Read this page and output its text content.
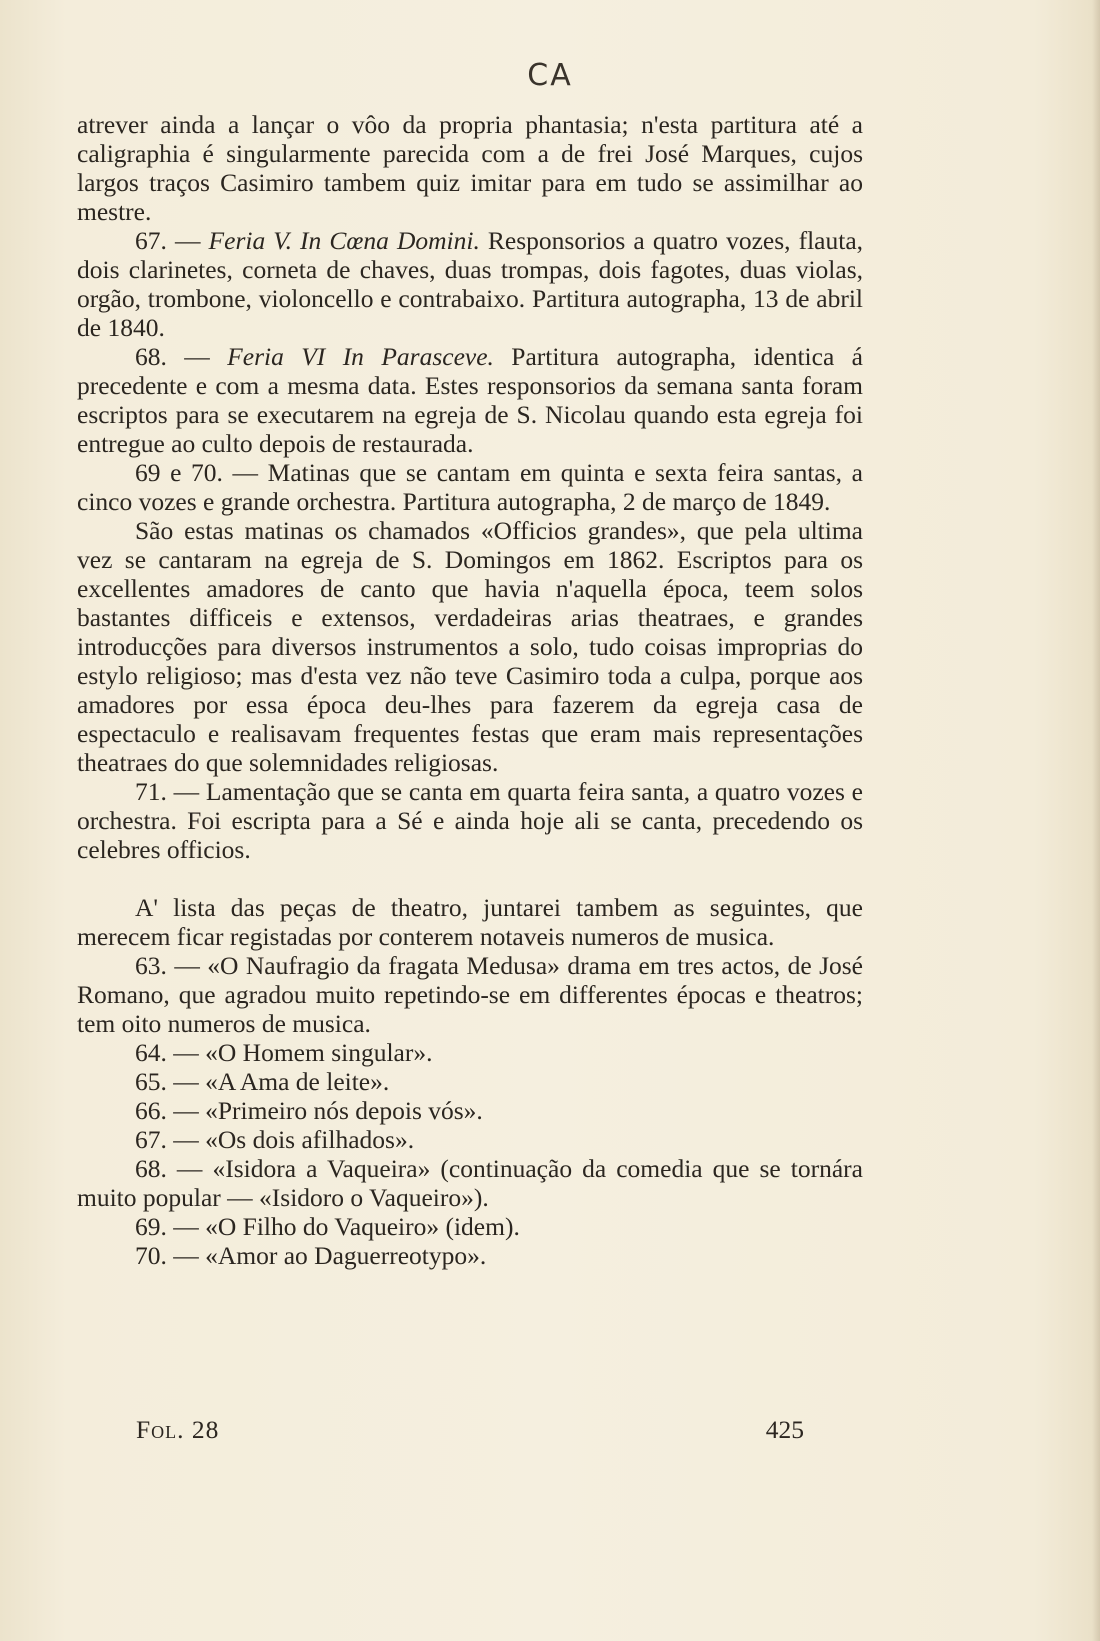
CA

atrever ainda a lançar o vôo da propria phantasia; n'esta partitura até a caligraphia é singularmente parecida com a de frei José Marques, cujos largos traços Casimiro tambem quiz imitar para em tudo se assimilhar ao mestre.

67. — Feria V. In Cœna Domini. Responsorios a quatro vozes, flauta, dois clarinetes, corneta de chaves, duas trompas, dois fagotes, duas violas, orgão, trombone, violoncello e contrabaixo. Partitura autographa, 13 de abril de 1840.

68. — Feria VI In Parasceve. Partitura autographa, identica á precedente e com a mesma data. Estes responsorios da semana santa foram escriptos para se executarem na egreja de S. Nicolau quando esta egreja foi entregue ao culto depois de restaurada.

69 e 70. — Matinas que se cantam em quinta e sexta feira santas, a cinco vozes e grande orchestra. Partitura autographa, 2 de março de 1849.

São estas matinas os chamados «Officios grandes», que pela ultima vez se cantaram na egreja de S. Domingos em 1862. Escriptos para os excellentes amadores de canto que havia n'aquella época, teem solos bastantes difficeis e extensos, verdadeiras arias theatraes, e grandes introducções para diversos instrumentos a solo, tudo coisas improprias do estylo religioso; mas d'esta vez não teve Casimiro toda a culpa, porque aos amadores por essa época deu-lhes para fazerem da egreja casa de espectaculo e realisavam frequentes festas que eram mais representações theatraes do que solemnidades religiosas.

71. — Lamentação que se canta em quarta feira santa, a quatro vozes e orchestra. Foi escripta para a Sé e ainda hoje ali se canta, precedendo os celebres officios.

A' lista das peças de theatro, juntarei tambem as seguintes, que merecem ficar registadas por conterem notaveis numeros de musica.

63. — «O Naufragio da fragata Medusa» drama em tres actos, de José Romano, que agradou muito repetindo-se em differentes épocas e theatros; tem oito numeros de musica.

64. — «O Homem singular».

65. — «A Ama de leite».

66. — «Primeiro nós depois vós».

67. — «Os dois afilhados».

68. — «Isidora a Vaqueira» (continuação da comedia que se tornára muito popular — «Isidoro o Vaqueiro»).

69. — «O Filho do Vaqueiro» (idem).

70. — «Amor ao Daguerreotypo».

Fol. 28	425
